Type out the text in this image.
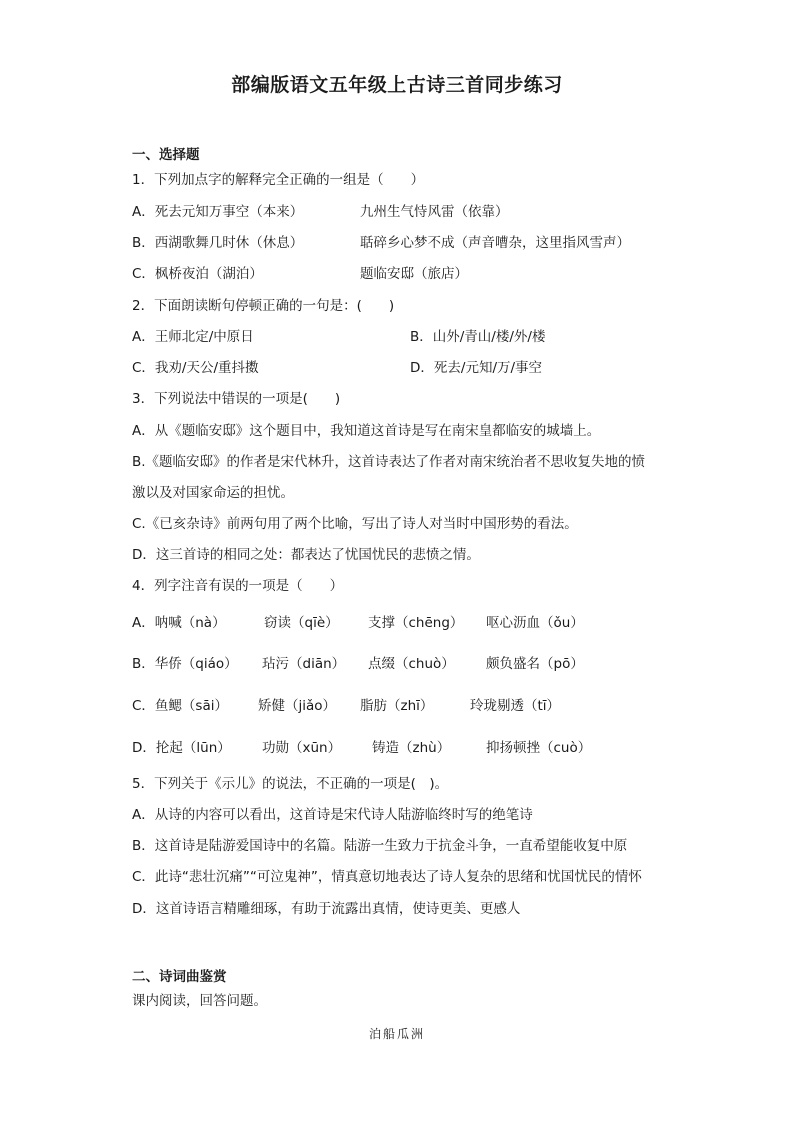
部编版语文五年级上古诗三首同步练习
一、选择题
1．下列加点字的解释完全正确的一组是（　　）
A．死去元知万事空（本来）	九州生气恃风雷（依靠）
B．西湖歌舞几时休（休息）	聒碎乡心梦不成（声音嘈杂，这里指风雪声）
C．枫桥夜泊（湖泊）	题临安邸（旅店）
2．下面朗读断句停顿正确的一句是：(　　)
A．王师北定/中原日	B．山外/青山/楼/外/楼
C．我劝/天公/重抖擞	D．死去/元知/万/事空
3．下列说法中错误的一项是(　　)
A．从《题临安邸》这个题目中，我知道这首诗是写在南宋皇都临安的城墙上。
B.《题临安邸》的作者是宋代林升，这首诗表达了作者对南宋统治者不思收复失地的愤
激以及对国家命运的担忧。
C.《已亥杂诗》前两句用了两个比喻，写出了诗人对当时中国形势的看法。
D．这三首诗的相同之处：都表达了忧国忧民的悲愤之情。
4．列字注音有误的一项是（　　）
A．呐喊（nà）	窃读（qīè） 支撑（chēng） 呕心沥血（ǒu）
B．华侨（qiáo） 玷污（diān） 点缀（chuò） 颇负盛名（pō）
C．鱼鳃（sāi） 矫健（jiǎo） 脂肪（zhī）	玲珑剔透（tī）
D．抡起（lūn） 功勋（xūn） 铸造（zhù）	抑扬顿挫（cuò）
5．下列关于《示儿》的说法，不正确的一项是(　)。
A．从诗的内容可以看出，这首诗是宋代诗人陆游临终时写的绝笔诗
B．这首诗是陆游爱国诗中的名篇。陆游一生致力于抗金斗争，一直希望能收复中原
C．此诗“悲壮沉痛”“可泣鬼神”，情真意切地表达了诗人复杂的思绪和忧国忧民的情怀
D．这首诗语言精雕细琢，有助于流露出真情，使诗更美、更感人
二、诗词曲鉴赏
课内阅读，回答问题。
泊船瓜洲
